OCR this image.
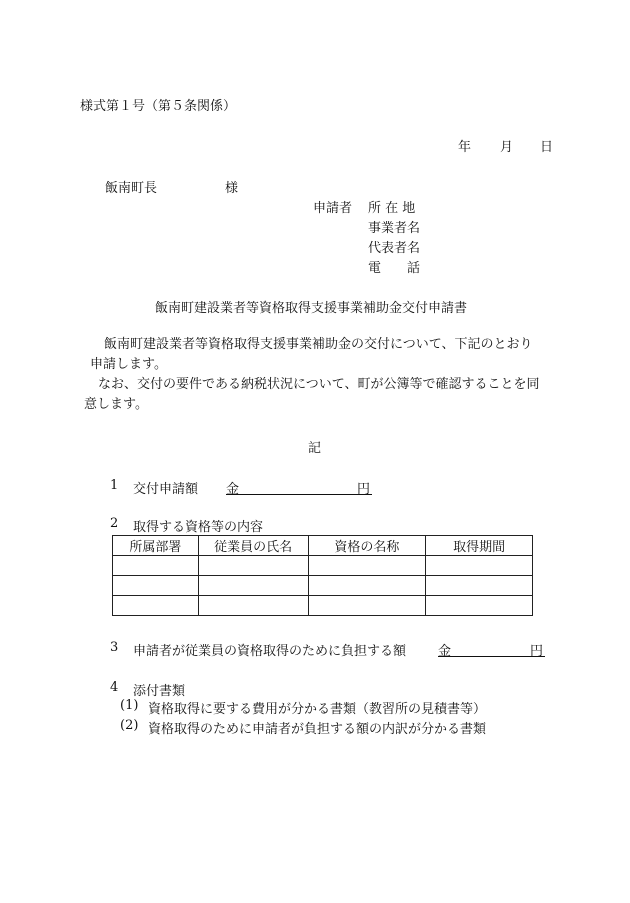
様式第１号（第５条関係）
年 月 日
飯南町長	様
申請者 所 在 地
事業者名
代表者名
電　　話
飯南町建設業者等資格取得支援事業補助金交付申請書

飯南町建設業者等資格取得支援事業補助金の交付について、下記のとおり
申請します。

なお、交付の要件である納税状況について、町が公簿等で確認することを同
意します。

記
1 交付申請額 金	円
2 取得する資格等の内容
所属部署	従業員の氏名	資格の名称	取得期間

3 申請者が従業員の資格取得のために負担する額 金	円
4 添付書類
(1) 資格取得に要する費用が分かる書類（教習所の見積書等）
(2) 資格取得のために申請者が負担する額の内訳が分かる書類
